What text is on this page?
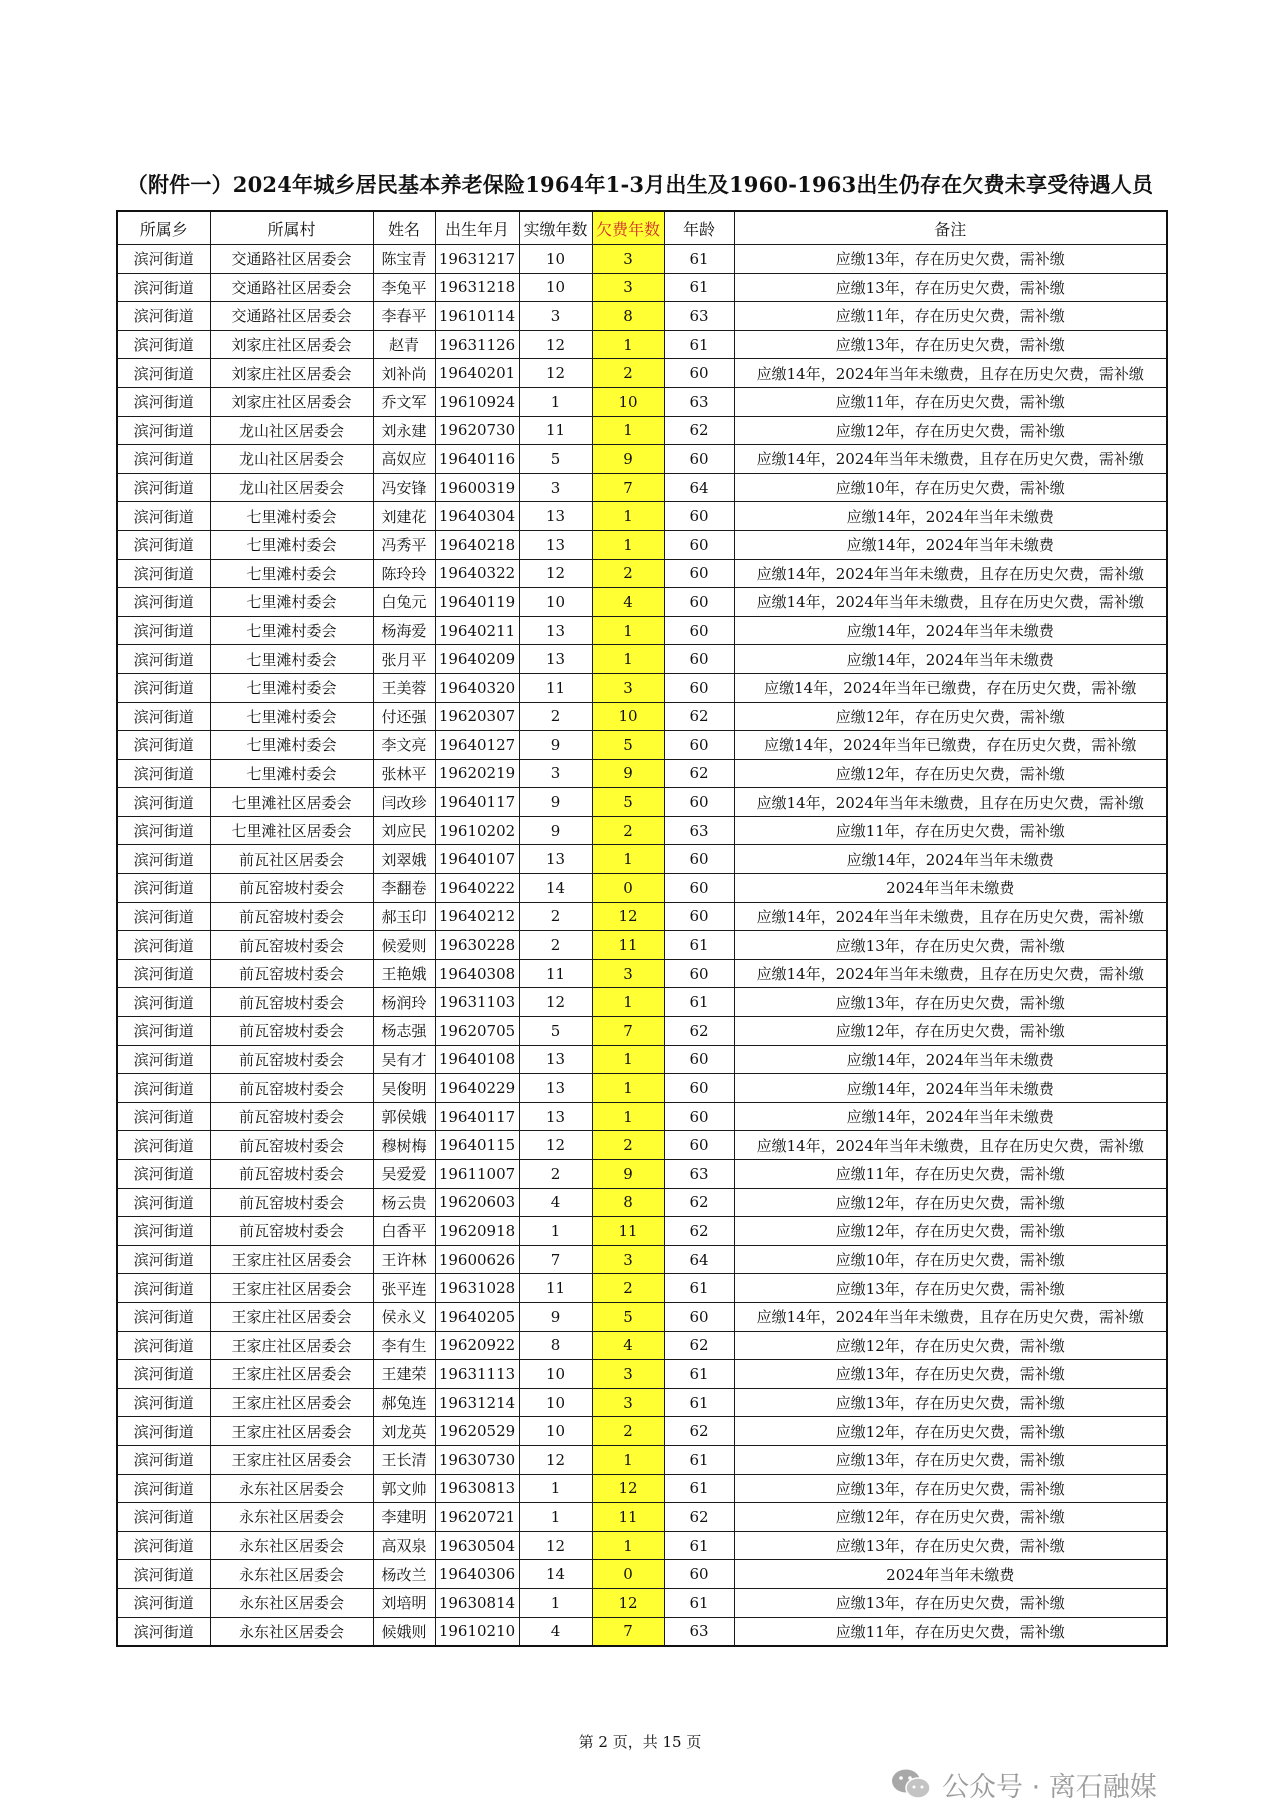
（附件一）2024年城乡居民基本养老保险1964年1-3月出生及1960-1963出生仍存在欠费未享受待遇人员
所属乡	所属村	姓名	出生年月	实缴年数	欠费年数	年龄	备注
滨河街道	交通路社区居委会	陈宝青	19631217	10	3	61	应缴13年，存在历史欠费，需补缴
滨河街道	交通路社区居委会	李兔平	19631218	10	3	61	应缴13年，存在历史欠费，需补缴
滨河街道	交通路社区居委会	李春平	19610114	3	8	63	应缴11年，存在历史欠费，需补缴
滨河街道	刘家庄社区居委会	赵青	19631126	12	1	61	应缴13年，存在历史欠费，需补缴
滨河街道	刘家庄社区居委会	刘补尚	19640201	12	2	60	应缴14年，2024年当年未缴费，且存在历史欠费，需补缴
滨河街道	刘家庄社区居委会	乔文军	19610924	1	10	63	应缴11年，存在历史欠费，需补缴
滨河街道	龙山社区居委会	刘永建	19620730	11	1	62	应缴12年，存在历史欠费，需补缴
滨河街道	龙山社区居委会	高奴应	19640116	5	9	60	应缴14年，2024年当年未缴费，且存在历史欠费，需补缴
滨河街道	龙山社区居委会	冯安锋	19600319	3	7	64	应缴10年，存在历史欠费，需补缴
滨河街道	七里滩村委会	刘建花	19640304	13	1	60	应缴14年，2024年当年未缴费
滨河街道	七里滩村委会	冯秀平	19640218	13	1	60	应缴14年，2024年当年未缴费
滨河街道	七里滩村委会	陈玲玲	19640322	12	2	60	应缴14年，2024年当年未缴费，且存在历史欠费，需补缴
滨河街道	七里滩村委会	白兔元	19640119	10	4	60	应缴14年，2024年当年未缴费，且存在历史欠费，需补缴
滨河街道	七里滩村委会	杨海爱	19640211	13	1	60	应缴14年，2024年当年未缴费
滨河街道	七里滩村委会	张月平	19640209	13	1	60	应缴14年，2024年当年未缴费
滨河街道	七里滩村委会	王美蓉	19640320	11	3	60	应缴14年，2024年当年已缴费，存在历史欠费，需补缴
滨河街道	七里滩村委会	付还强	19620307	2	10	62	应缴12年，存在历史欠费，需补缴
滨河街道	七里滩村委会	李文亮	19640127	9	5	60	应缴14年，2024年当年已缴费，存在历史欠费，需补缴
滨河街道	七里滩村委会	张林平	19620219	3	9	62	应缴12年，存在历史欠费，需补缴
滨河街道	七里滩社区居委会	闫改珍	19640117	9	5	60	应缴14年，2024年当年未缴费，且存在历史欠费，需补缴
滨河街道	七里滩社区居委会	刘应民	19610202	9	2	63	应缴11年，存在历史欠费，需补缴
滨河街道	前瓦社区居委会	刘翠娥	19640107	13	1	60	应缴14年，2024年当年未缴费
滨河街道	前瓦窑坡村委会	李翻卷	19640222	14	0	60	2024年当年未缴费
滨河街道	前瓦窑坡村委会	郝玉印	19640212	2	12	60	应缴14年，2024年当年未缴费，且存在历史欠费，需补缴
滨河街道	前瓦窑坡村委会	候爱则	19630228	2	11	61	应缴13年，存在历史欠费，需补缴
滨河街道	前瓦窑坡村委会	王艳娥	19640308	11	3	60	应缴14年，2024年当年未缴费，且存在历史欠费，需补缴
滨河街道	前瓦窑坡村委会	杨润玲	19631103	12	1	61	应缴13年，存在历史欠费，需补缴
滨河街道	前瓦窑坡村委会	杨志强	19620705	5	7	62	应缴12年，存在历史欠费，需补缴
滨河街道	前瓦窑坡村委会	吴有才	19640108	13	1	60	应缴14年，2024年当年未缴费
滨河街道	前瓦窑坡村委会	吴俊明	19640229	13	1	60	应缴14年，2024年当年未缴费
滨河街道	前瓦窑坡村委会	郭侯娥	19640117	13	1	60	应缴14年，2024年当年未缴费
滨河街道	前瓦窑坡村委会	穆树梅	19640115	12	2	60	应缴14年，2024年当年未缴费，且存在历史欠费，需补缴
滨河街道	前瓦窑坡村委会	吴爱爱	19611007	2	9	63	应缴11年，存在历史欠费，需补缴
滨河街道	前瓦窑坡村委会	杨云贵	19620603	4	8	62	应缴12年，存在历史欠费，需补缴
滨河街道	前瓦窑坡村委会	白香平	19620918	1	11	62	应缴12年，存在历史欠费，需补缴
滨河街道	王家庄社区居委会	王许林	19600626	7	3	64	应缴10年，存在历史欠费，需补缴
滨河街道	王家庄社区居委会	张平连	19631028	11	2	61	应缴13年，存在历史欠费，需补缴
滨河街道	王家庄社区居委会	侯永义	19640205	9	5	60	应缴14年，2024年当年未缴费，且存在历史欠费，需补缴
滨河街道	王家庄社区居委会	李有生	19620922	8	4	62	应缴12年，存在历史欠费，需补缴
滨河街道	王家庄社区居委会	王建荣	19631113	10	3	61	应缴13年，存在历史欠费，需补缴
滨河街道	王家庄社区居委会	郝兔连	19631214	10	3	61	应缴13年，存在历史欠费，需补缴
滨河街道	王家庄社区居委会	刘龙英	19620529	10	2	62	应缴12年，存在历史欠费，需补缴
滨河街道	王家庄社区居委会	王长清	19630730	12	1	61	应缴13年，存在历史欠费，需补缴
滨河街道	永东社区居委会	郭文帅	19630813	1	12	61	应缴13年，存在历史欠费，需补缴
滨河街道	永东社区居委会	李建明	19620721	1	11	62	应缴12年，存在历史欠费，需补缴
滨河街道	永东社区居委会	高双泉	19630504	12	1	61	应缴13年，存在历史欠费，需补缴
滨河街道	永东社区居委会	杨改兰	19640306	14	0	60	2024年当年未缴费
滨河街道	永东社区居委会	刘培明	19630814	1	12	61	应缴13年，存在历史欠费，需补缴
滨河街道	永东社区居委会	候娥则	19610210	4	7	63	应缴11年，存在历史欠费，需补缴
第 2 页，共 15 页
公众号 · 离石融媒
